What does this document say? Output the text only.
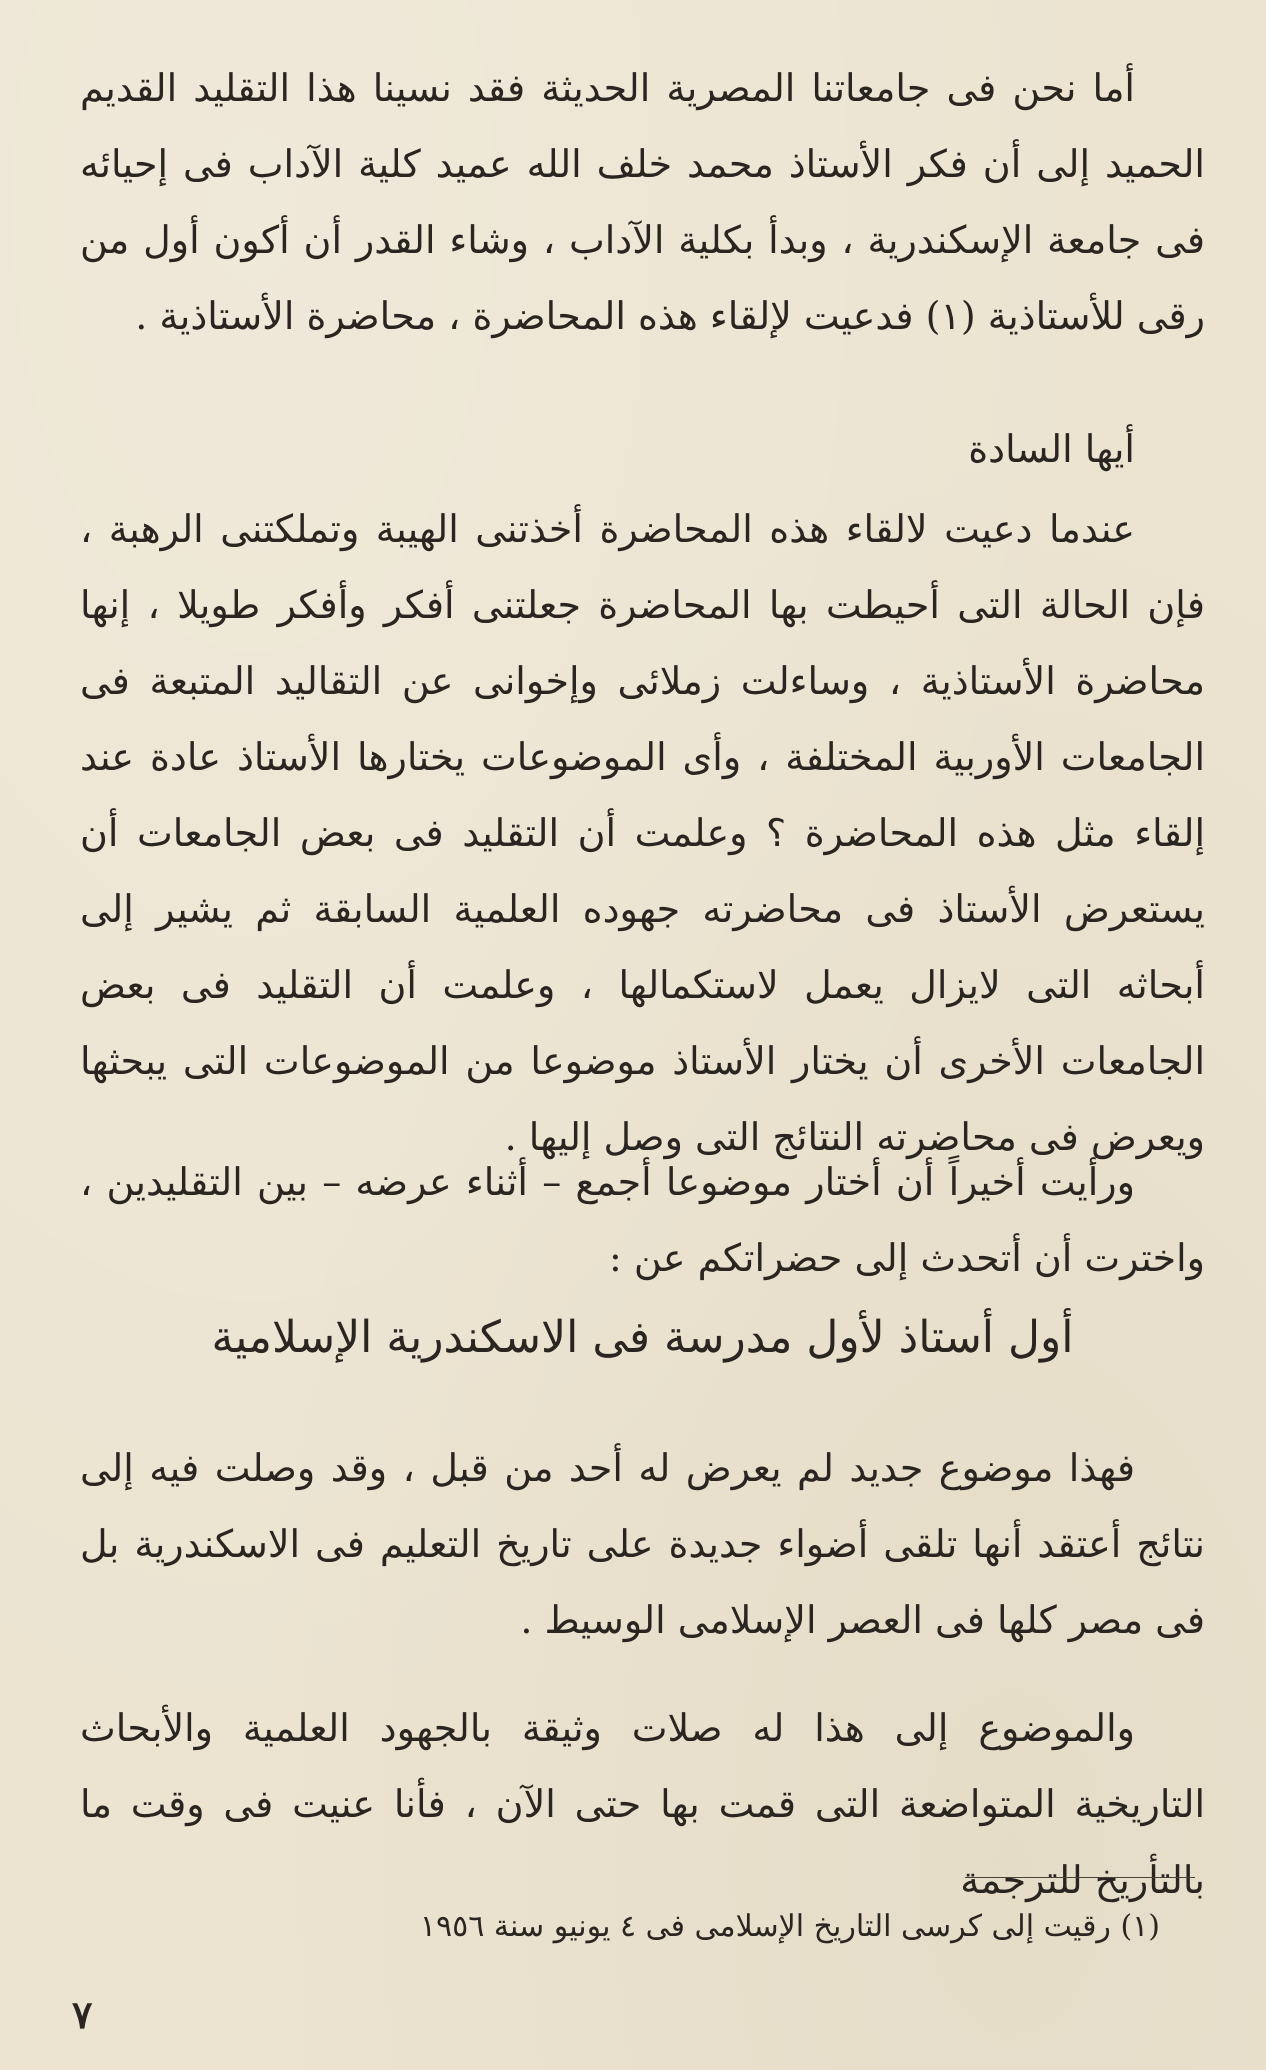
أما نحن فى جامعاتنا المصرية الحديثة فقد نسينا هذا التقليد القديم الحميد إلى أن فكر الأستاذ محمد خلف الله عميد كلية الآداب فى إحيائه فى جامعة الإسكندرية ، وبدأ بكلية الآداب ، وشاء القدر أن أكون أول من رقى للأستاذية (١) فدعيت لإلقاء هذه المحاضرة ، محاضرة الأستاذية .

أيها السادة

عندما دعيت لالقاء هذه المحاضرة أخذتنى الهيبة وتملكتنى الرهبة ، فإن الحالة التى أحيطت بها المحاضرة جعلتنى أفكر وأفكر طويلا ، إنها محاضرة الأستاذية ، وساءلت زملائى وإخوانى عن التقاليد المتبعة فى الجامعات الأوربية المختلفة ، وأى الموضوعات يختارها الأستاذ عادة عند إلقاء مثل هذه المحاضرة ؟ وعلمت أن التقليد فى بعض الجامعات أن يستعرض الأستاذ فى محاضرته جهوده العلمية السابقة ثم يشير إلى أبحاثه التى لايزال يعمل لاستكمالها ، وعلمت أن التقليد فى بعض الجامعات الأخرى أن يختار الأستاذ موضوعا من الموضوعات التى يبحثها ويعرض فى محاضرته النتائج التى وصل إليها .

ورأيت أخيراً أن أختار موضوعا أجمع – أثناء عرضه – بين التقليدين ، واخترت أن أتحدث إلى حضراتكم عن :

أول أستاذ لأول مدرسة فى الاسكندرية الإسلامية

فهذا موضوع جديد لم يعرض له أحد من قبل ، وقد وصلت فيه إلى نتائج أعتقد أنها تلقى أضواء جديدة على تاريخ التعليم فى الاسكندرية بل فى مصر كلها فى العصر الإسلامى الوسيط .

والموضوع إلى هذا له صلات وثيقة بالجهود العلمية والأبحاث التاريخية المتواضعة التى قمت بها حتى الآن ، فأنا عنيت فى وقت ما بالتأريخ للترجمة

(١) رقيت إلى كرسى التاريخ الإسلامى فى ٤ يونيو سنة ١٩٥٦
٧
